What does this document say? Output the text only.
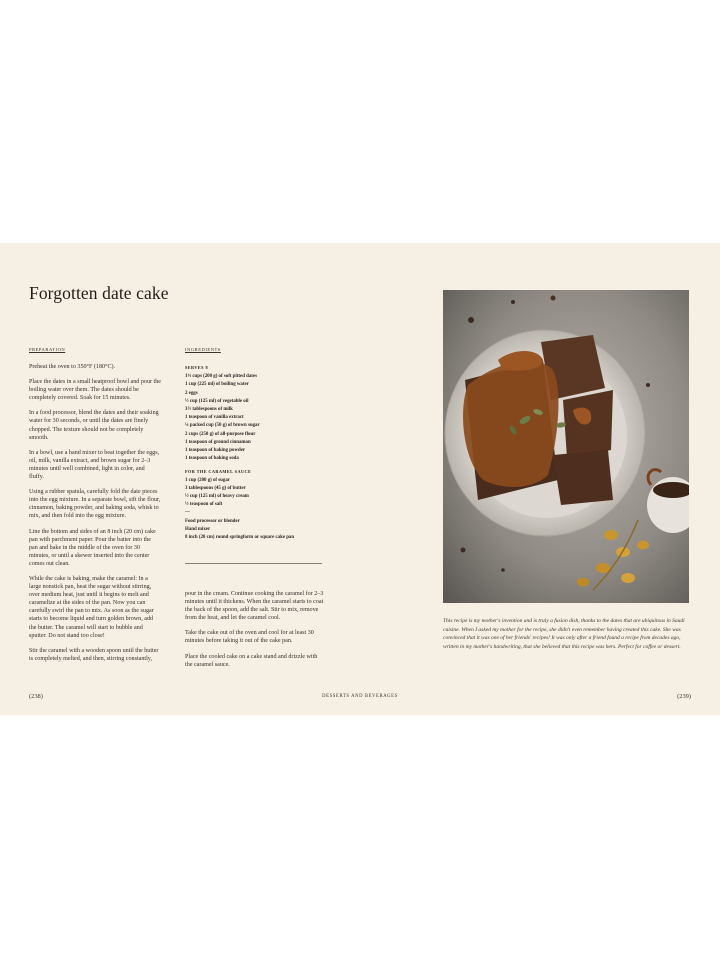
Forgotten date cake
PREPARATION	INGREDIENTS

Preheat the oven to 350°F (180°C).

Place the dates in a small heatproof bowl and pour the boiling water over them. The dates should be completely covered. Soak for 15 minutes.

In a food processor, blend the dates and their soaking water for 30 seconds, or until the dates are finely chopped. The texture should not be completely smooth.

In a bowl, use a hand mixer to beat together the eggs, oil, milk, vanilla extract, and brown sugar for 2–3 minutes until well combined, light in color, and fluffy.

Using a rubber spatula, carefully fold the date pieces into the egg mixture. In a separate bowl, sift the flour, cinnamon, baking powder, and baking soda, whisk to mix, and then fold into the egg mixture.

Line the bottom and sides of an 8 inch (20 cm) cake pan with parchment paper. Pour the batter into the pan and bake in the middle of the oven for 30 minutes, or until a skewer inserted into the center comes out clean.

While the cake is baking, make the caramel: In a large nonstick pan, heat the sugar without stirring, over medium heat, just until it begins to melt and caramelize at the sides of the pan. Now you can carefully swirl the pan to mix. As soon as the sugar starts to become liquid and turn golden brown, add the butter. The caramel will start to bubble and sputter. Do not stand too close!

Stir the caramel with a wooden spoon until the butter is completely melted, and then, stirring constantly,

SERVES 8
1⅓ cups (200 g) of soft pitted dates
1 cup (225 ml) of boiling water
2 eggs
½ cup (125 ml) of vegetable oil
3½ tablespoons of milk
1 teaspoon of vanilla extract
¼ packed cup (50 g) of brown sugar
2 cups (250 g) of all-purpose flour
1 teaspoon of ground cinnamon
1 teaspoon of baking powder
1 teaspoon of baking soda
FOR THE CARAMEL SAUCE
1 cup (200 g) of sugar
3 tablespoons (45 g) of butter
½ cup (125 ml) of heavy cream
½ teaspoon of salt
—
Food processor or blender
Hand mixer
8 inch (20 cm) round springform or square cake pan

pour in the cream. Continue cooking the caramel for 2–3 minutes until it thickens. When the caramel starts to coat the back of the spoon, add the salt. Stir to mix, remove from the heat, and let the caramel cool.

Take the cake out of the oven and cool for at least 30 minutes before taking it out of the cake pan.

Place the cooled cake on a cake stand and drizzle with the caramel sauce.

This recipe is my mother's invention and is truly a fusion dish, thanks to the dates that are ubiquitous in Saudi cuisine. When I asked my mother for the recipe, she didn't even remember having created this cake. She was convinced that it was one of her friends' recipes! It was only after a friend found a recipe from decades ago, written in my mother's handwriting, that she believed that this recipe was hers. Perfect for coffee or dessert.
(238)	DESSERTS AND BEVERAGES	(239)
